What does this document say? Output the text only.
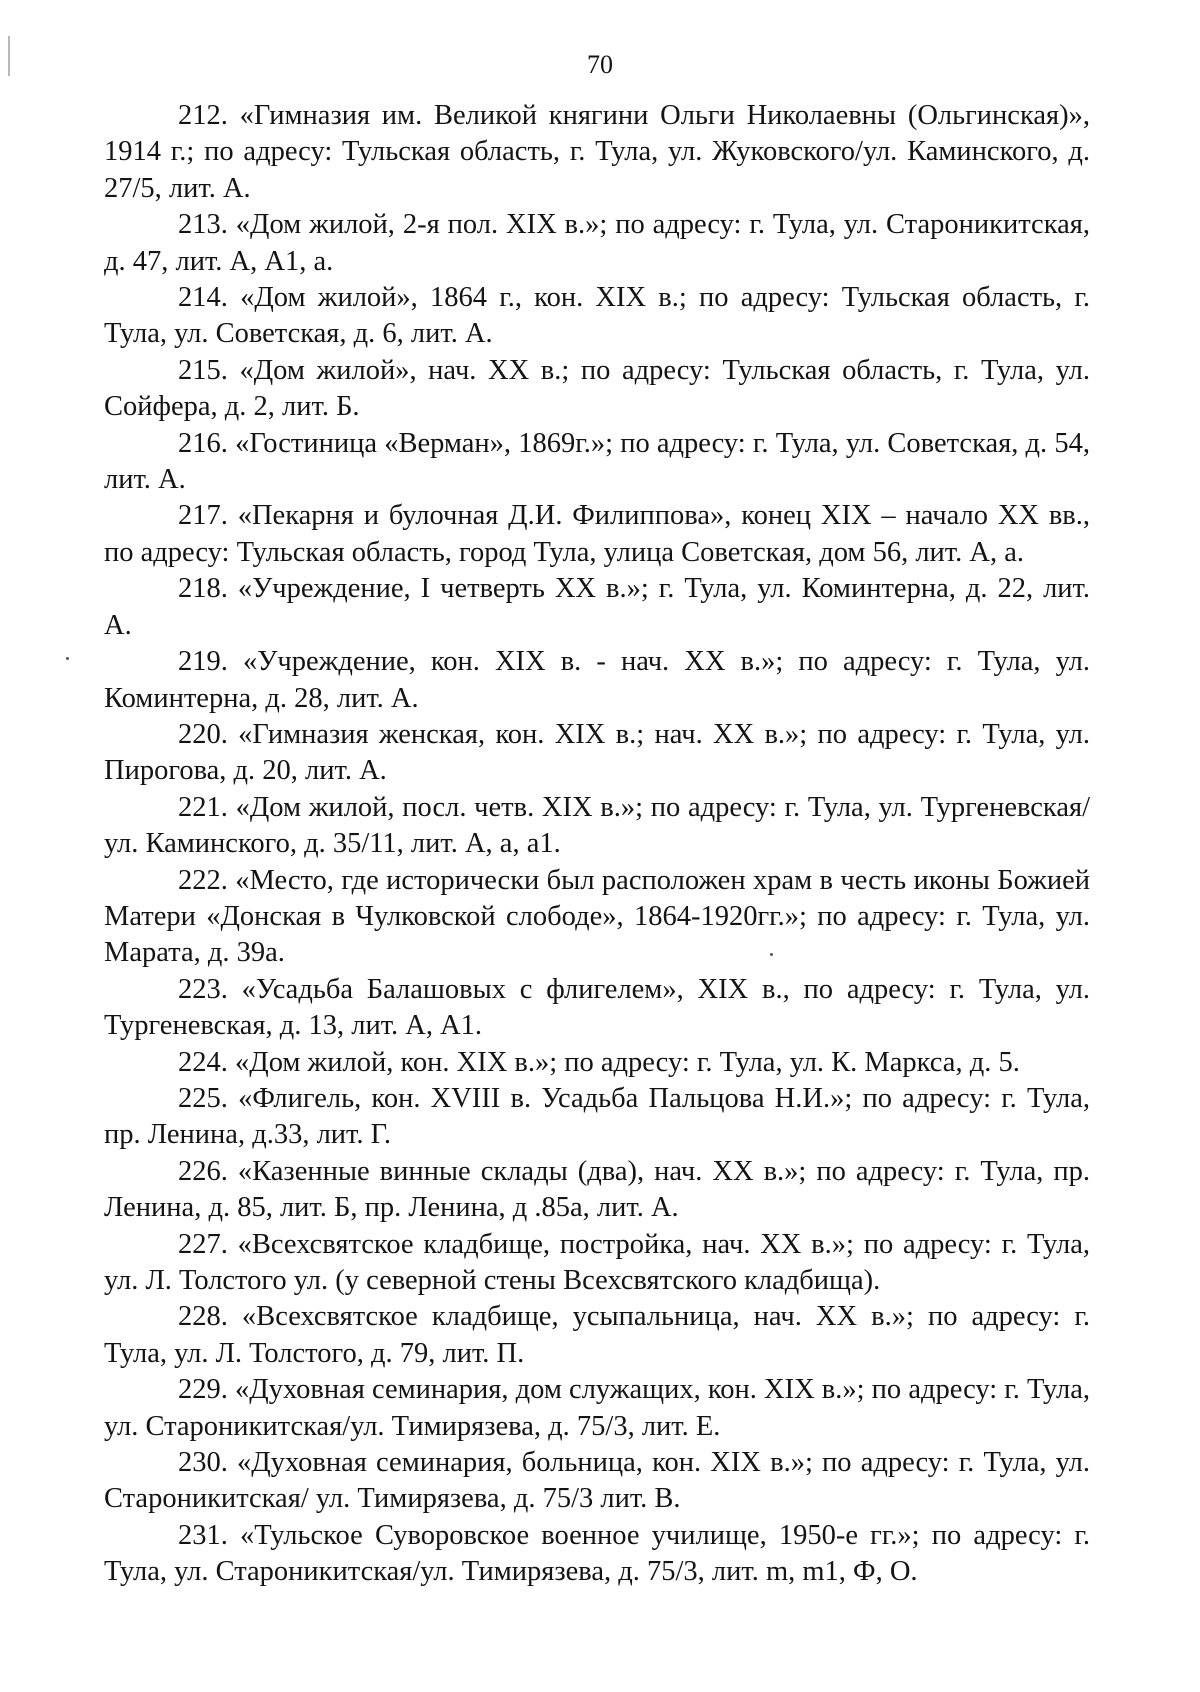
70

212. «Гимназия им. Великой княгини Ольги Николаевны (Ольгинская)», 1914 г.; по адресу: Тульская область, г. Тула, ул. Жуковского/ул. Каминского, д. 27/5, лит. А.

213. «Дом жилой, 2-я пол. XIX в.»; по адресу: г. Тула, ул. Староникитская, д. 47, лит. А, А1, а.

214. «Дом жилой», 1864 г., кон. XIX в.; по адресу: Тульская область, г. Тула, ул. Советская, д. 6, лит. А.

215. «Дом жилой», нач. XX в.; по адресу: Тульская область, г. Тула, ул. Сойфера, д. 2, лит. Б.

216. «Гостиница «Верман», 1869г.»; по адресу: г. Тула, ул. Советская, д. 54, лит. А.

217. «Пекарня и булочная Д.И. Филиппова», конец XIX – начало XX вв., по адресу: Тульская область, город Тула, улица Советская, дом 56, лит. А, а.

218. «Учреждение, I четверть XX в.»; г. Тула, ул. Коминтерна, д. 22, лит. А.

219. «Учреждение, кон. XIX в. - нач. XX в.»; по адресу: г. Тула, ул. Коминтерна, д. 28, лит. А.

220. «Гимназия женская, кон. XIX в.; нач. XX в.»; по адресу: г. Тула, ул. Пирогова, д. 20, лит. А.

221. «Дом жилой, посл. четв. XIX в.»; по адресу: г. Тула, ул. Тургеневская/ул. Каминского, д. 35/11, лит. А, а, а1.

222. «Место, где исторически был расположен храм в честь иконы Божией Матери «Донская в Чулковской слободе», 1864-1920гг.»; по адресу: г. Тула, ул. Марата, д. 39а.

223. «Усадьба Балашовых с флигелем», XIX в., по адресу: г. Тула, ул. Тургеневская, д. 13, лит. А, А1.

224. «Дом жилой, кон. XIX в.»; по адресу: г. Тула, ул. К. Маркса, д. 5.

225. «Флигель, кон. XVIII в. Усадьба Пальцова Н.И.»; по адресу: г. Тула, пр. Ленина, д.33, лит. Г.

226. «Казенные винные склады (два), нач. XX в.»; по адресу: г. Тула, пр. Ленина, д. 85, лит. Б, пр. Ленина, д .85а, лит. А.

227. «Всехсвятское кладбище, постройка, нач. XX в.»; по адресу: г. Тула, ул. Л. Толстого ул. (у северной стены Всехсвятского кладбища).

228. «Всехсвятское кладбище, усыпальница, нач. XX в.»; по адресу: г. Тула, ул. Л. Толстого, д. 79, лит. П.

229. «Духовная семинария, дом служащих, кон. XIX в.»; по адресу: г. Тула, ул. Староникитская/ул. Тимирязева, д. 75/3, лит. Е.

230. «Духовная семинария, больница, кон. XIX в.»; по адресу: г. Тула, ул. Староникитская/ ул. Тимирязева, д. 75/3 лит. В.

231. «Тульское Суворовское военное училище, 1950-е гг.»; по адресу: г. Тула, ул. Староникитская/ул. Тимирязева, д. 75/3, лит. m, m1, Ф, О.
